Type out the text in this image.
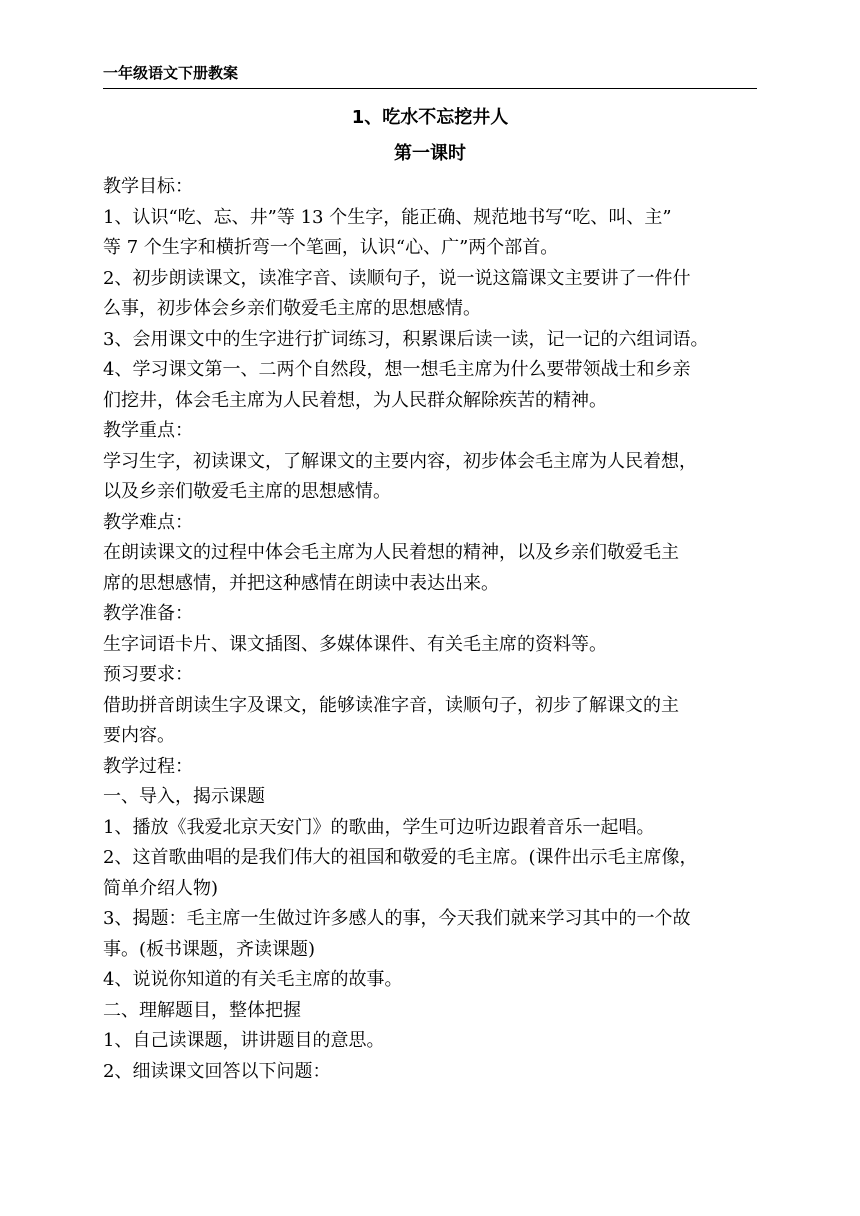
一年级语文下册教案
1、吃水不忘挖井人
第一课时
教学目标：
1、认识“吃、忘、井”等 13 个生字，能正确、规范地书写“吃、叫、主”
等 7 个生字和横折弯一个笔画，认识“心、广”两个部首。
2、初步朗读课文，读准字音、读顺句子，说一说这篇课文主要讲了一件什
么事，初步体会乡亲们敬爱毛主席的思想感情。
3、会用课文中的生字进行扩词练习，积累课后读一读，记一记的六组词语。
4、学习课文第一、二两个自然段，想一想毛主席为什么要带领战士和乡亲
们挖井，体会毛主席为人民着想，为人民群众解除疾苦的精神。
教学重点：
学习生字，初读课文，了解课文的主要内容，初步体会毛主席为人民着想，
以及乡亲们敬爱毛主席的思想感情。
教学难点：
在朗读课文的过程中体会毛主席为人民着想的精神，以及乡亲们敬爱毛主
席的思想感情，并把这种感情在朗读中表达出来。
教学准备：
生字词语卡片、课文插图、多媒体课件、有关毛主席的资料等。
预习要求：
借助拼音朗读生字及课文，能够读准字音，读顺句子，初步了解课文的主
要内容。
教学过程：
一、导入，揭示课题
1、播放《我爱北京天安门》的歌曲，学生可边听边跟着音乐一起唱。
2、这首歌曲唱的是我们伟大的祖国和敬爱的毛主席。(课件出示毛主席像，
简单介绍人物)
3、揭题：毛主席一生做过许多感人的事，今天我们就来学习其中的一个故
事。(板书课题，齐读课题)
4、说说你知道的有关毛主席的故事。
二、理解题目，整体把握
1、自己读课题，讲讲题目的意思。
2、细读课文回答以下问题：
